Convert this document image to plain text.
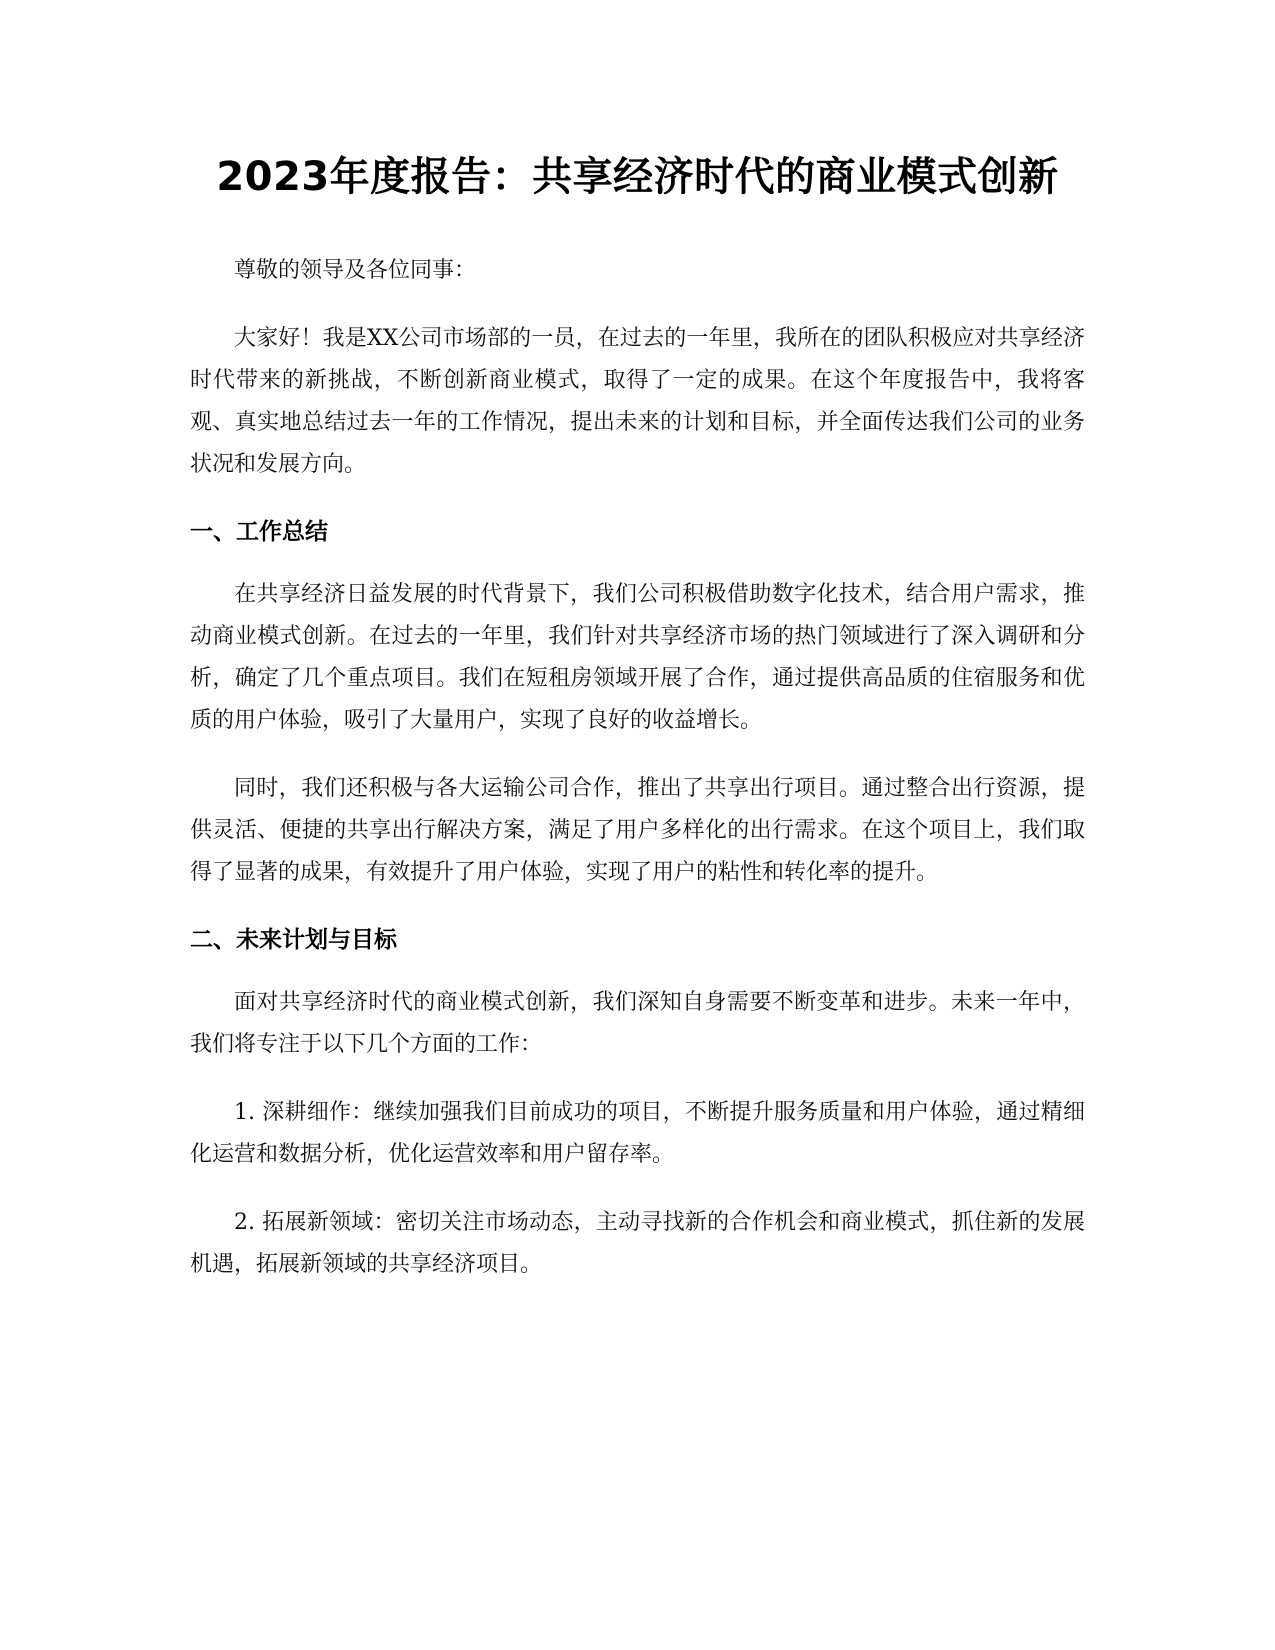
2023年度报告：共享经济时代的商业模式创新

尊敬的领导及各位同事：

大家好！我是XX公司市场部的一员，在过去的一年里，我所在的团队积极应对共享经济时代带来的新挑战，不断创新商业模式，取得了一定的成果。在这个年度报告中，我将客观、真实地总结过去一年的工作情况，提出未来的计划和目标，并全面传达我们公司的业务状况和发展方向。

一、工作总结

在共享经济日益发展的时代背景下，我们公司积极借助数字化技术，结合用户需求，推动商业模式创新。在过去的一年里，我们针对共享经济市场的热门领域进行了深入调研和分析，确定了几个重点项目。我们在短租房领域开展了合作，通过提供高品质的住宿服务和优质的用户体验，吸引了大量用户，实现了良好的收益增长。

同时，我们还积极与各大运输公司合作，推出了共享出行项目。通过整合出行资源，提供灵活、便捷的共享出行解决方案，满足了用户多样化的出行需求。在这个项目上，我们取得了显著的成果，有效提升了用户体验，实现了用户的粘性和转化率的提升。

二、未来计划与目标

面对共享经济时代的商业模式创新，我们深知自身需要不断变革和进步。未来一年中，我们将专注于以下几个方面的工作：

1. 深耕细作：继续加强我们目前成功的项目，不断提升服务质量和用户体验，通过精细化运营和数据分析，优化运营效率和用户留存率。

2. 拓展新领域：密切关注市场动态，主动寻找新的合作机会和商业模式，抓住新的发展机遇，拓展新领域的共享经济项目。
